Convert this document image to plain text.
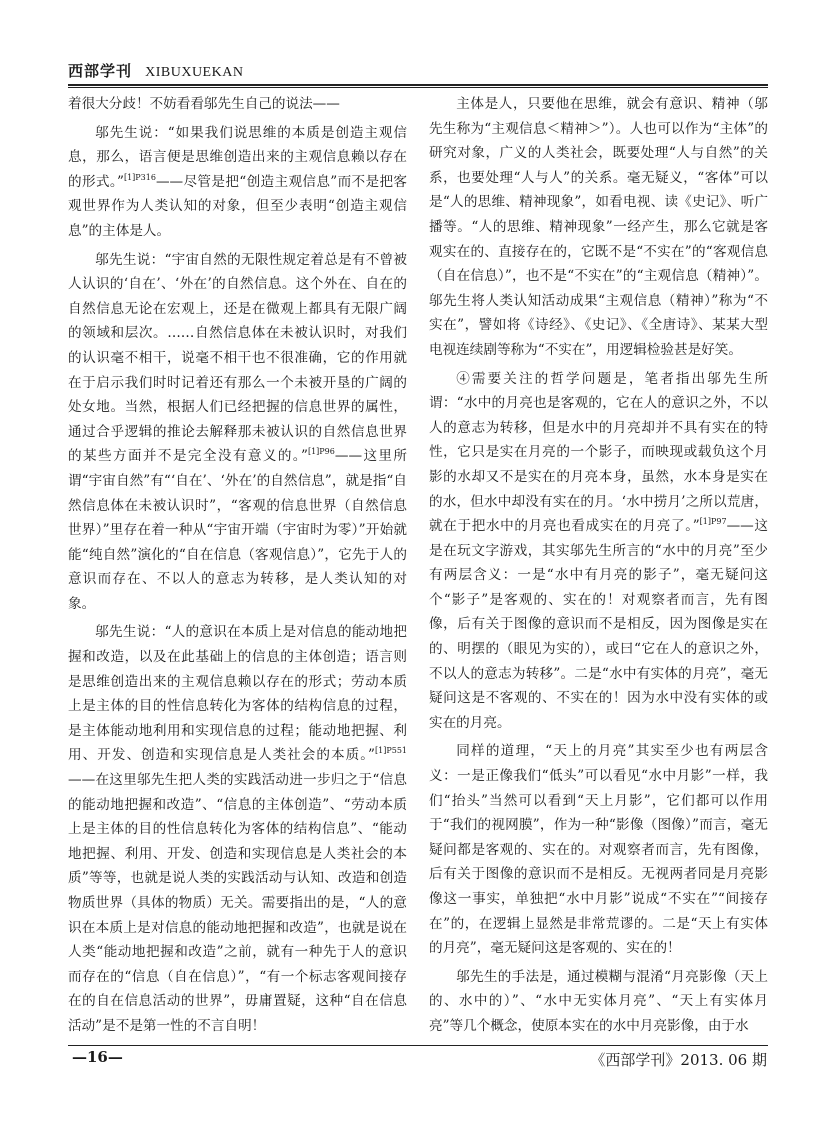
西部学刊 XIBUXUEKAN

着很大分歧！不妨看看邬先生自己的说法——

邬先生说：“如果我们说思维的本质是创造主观信息，那么，语言便是思维创造出来的主观信息赖以存在的形式。”$^{[1]P316}$——尽管是把“创造主观信息”而不是把客观世界作为人类认知的对象，但至少表明“创造主观信息”的主体是人。

邬先生说：“宇宙自然的无限性规定着总是有不曾被人认识的‘自在’、‘外在’的自然信息。这个外在、自在的自然信息无论在宏观上，还是在微观上都具有无限广阔的领域和层次。……自然信息体在未被认识时，对我们的认识毫不相干，说毫不相干也不很准确，它的作用就在于启示我们时时记着还有那么一个未被开垦的广阔的处女地。当然，根据人们已经把握的信息世界的属性，通过合乎逻辑的推论去解释那未被认识的自然信息世界的某些方面并不是完全没有意义的。”$^{[1]P96}$——这里所谓“宇宙自然”有“‘自在’、‘外在’的自然信息”，就是指“自然信息体在未被认识时”，“客观的信息世界（自然信息世界）”里存在着一种从“宇宙开端（宇宙时为零）”开始就能“纯自然”演化的“自在信息（客观信息）”，它先于人的意识而存在、不以人的意志为转移，是人类认知的对象。

邬先生说：“人的意识在本质上是对信息的能动地把握和改造，以及在此基础上的信息的主体创造；语言则是思维创造出来的主观信息赖以存在的形式；劳动本质上是主体的目的性信息转化为客体的结构信息的过程，是主体能动地利用和实现信息的过程；能动地把握、利用、开发、创造和实现信息是人类社会的本质。”$^{[1]P551}$——在这里邬先生把人类的实践活动进一步归之于“信息的能动地把握和改造”、“信息的主体创造”、“劳动本质上是主体的目的性信息转化为客体的结构信息”、“能动地把握、利用、开发、创造和实现信息是人类社会的本质”等等，也就是说人类的实践活动与认知、改造和创造物质世界（具体的物质）无关。需要指出的是，“人的意识在本质上是对信息的能动地把握和改造”，也就是说在人类“能动地把握和改造”之前，就有一种先于人的意识而存在的“信息（自在信息）”，“有一个标志客观间接存在的自在信息活动的世界”，毋庸置疑，这种“自在信息活动”是不是第一性的不言自明！

主体是人，只要他在思维，就会有意识、精神（邬先生称为“主观信息＜精神＞”）。人也可以作为“主体”的研究对象，广义的人类社会，既要处理“人与自然”的关系，也要处理“人与人”的关系。毫无疑义，“客体”可以是“人的思维、精神现象”，如看电视、读《史记》、听广播等。“人的思维、精神现象”一经产生，那么它就是客观实在的、直接存在的，它既不是“不实在”的“客观信息（自在信息）”，也不是“不实在”的“主观信息（精神）”。邬先生将人类认知活动成果“主观信息（精神）”称为“不实在”，譬如将《诗经》、《史记》、《全唐诗》、某某大型电视连续剧等称为“不实在”，用逻辑检验甚是好笑。

④需要关注的哲学问题是，笔者指出邬先生所谓：“水中的月亮也是客观的，它在人的意识之外，不以人的意志为转移，但是水中的月亮却并不具有实在的特性，它只是实在月亮的一个影子，而映现或载负这个月影的水却又不是实在的月亮本身，虽然，水本身是实在的水，但水中却没有实在的月。‘水中捞月’之所以荒唐，就在于把水中的月亮也看成实在的月亮了。”$^{[1]P97}$——这是在玩文字游戏，其实邬先生所言的“水中的月亮”至少有两层含义：一是“水中有月亮的影子”，毫无疑问这个“影子”是客观的、实在的！对观察者而言，先有图像，后有关于图像的意识而不是相反，因为图像是实在的、明摆的（眼见为实的），或曰“它在人的意识之外，不以人的意志为转移”。二是“水中有实体的月亮”，毫无疑问这是不客观的、不实在的！因为水中没有实体的或实在的月亮。

同样的道理，“天上的月亮”其实至少也有两层含义：一是正像我们“低头”可以看见“水中月影”一样，我们“抬头”当然可以看到“天上月影”，它们都可以作用于“我们的视网膜”，作为一种“影像（图像）”而言，毫无疑问都是客观的、实在的。对观察者而言，先有图像，后有关于图像的意识而不是相反。无视两者同是月亮影像这一事实，单独把“水中月影”说成“不实在”“间接存在”的，在逻辑上显然是非常荒谬的。二是“天上有实体的月亮”，毫无疑问这是客观的、实在的！

邬先生的手法是，通过模糊与混淆“月亮影像（天上的、水中的）”、“水中无实体月亮”、“天上有实体月亮”等几个概念，使原本实在的水中月亮影像，由于水

—16—	《西部学刊》2013. 06 期
